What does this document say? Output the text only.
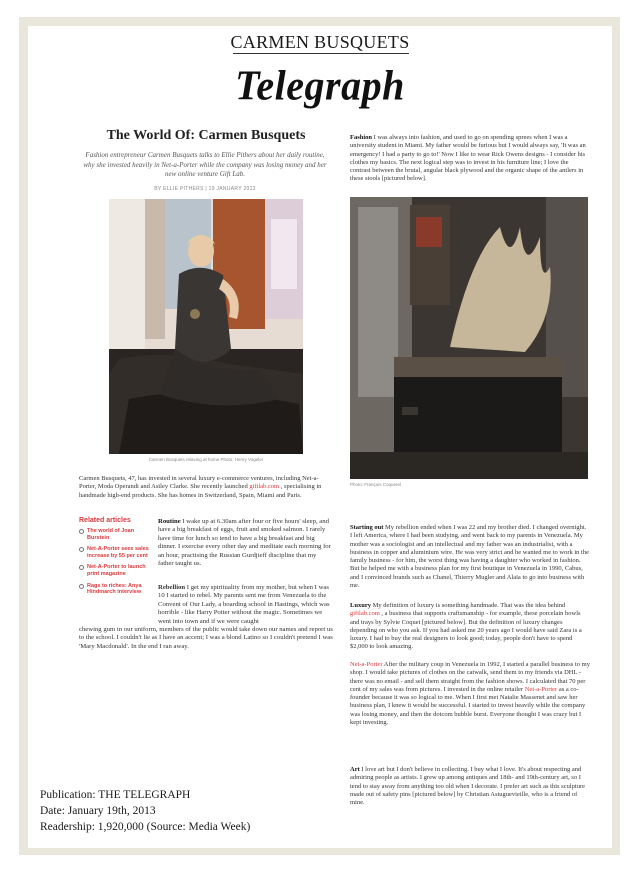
CARMEN BUSQUETS
Telegraph
The World Of: Carmen Busquets
Fashion entrepreneur Carmen Busquets talks to Ellie Pithers about her daily routine, why she invested heavily in Net-a-Porter while the company was losing money and her new online venture Gift Lab.
BY ELLIE PITHERS | 19 JANUARY 2013
Carmen Busquets relaxing at home Photo: Henry Vogeler
Carmen Busquets, 47, has invested in several luxury e-commerce ventures, including Net-a-Porter, Moda Operandi and Astley Clarke. She recently launched giftlab.com , specialising in handmade high-end products. She has homes in Switzerland, Spain, Miami and Paris.
Related articles
The world of Joan Burstein
Net-A-Porter sees sales increase by 55 per cent
Net-A-Porter to launch print magazine
Rags to riches: Anya Hindmarch interview
Routine I wake up at 6.30am after four or five hours' sleep, and have a big breakfast of eggs, fruit and smoked salmon. I rarely have time for lunch so tend to have a big breakfast and big dinner. I exercise every other day and meditate each morning for an hour, practising the Russian Gurdjieff discipline that my father taught us.
Rebellion I get my spirituality from my mother, but when I was 10 I started to rebel. My parents sent me from Venezuela to the Convent of Our Lady, a boarding school in Hastings, which was horrible - like Harry Potter without the magic. Sometimes we went into town and if we were caught
chewing gum in our uniform, members of the public would take down our names and report us to the school. I couldn't lie as I have an accent; I was a blond Latino so I couldn't pretend I was 'Mary Macdonald'. In the end I ran away.

Fashion I was always into fashion, and used to go on spending sprees when I was a university student in Miami. My father would be furious but I would always say, 'It was an emergency! I had a party to go to!' Now I like to wear Rick Owens designs - I consider his clothes my basics. The next logical step was to invest in his furniture line; I love the contrast between the brutal, angular black plywood and the organic shape of the antlers in these stools [pictured below].

Photo: François Coquerel

Starting out My rebellion ended when I was 22 and my brother died. I changed overnight. I left America, where I had been studying, and went back to my parents in Venezuela. My mother was a sociologist and an intellectual and my father was an industrialist, with a business in copper and aluminium wire. He was very strict and he wanted me to work in the family business - for him, the worst thing was having a daughter who worked in fashion. But he helped me with a business plan for my first boutique in Venezuela in 1990, Cabus, and I convinced brands such as Chanel, Thierry Mugler and Alaïa to go into business with me.

Luxury My definition of luxury is something handmade. That was the idea behind giftlab.com , a business that supports craftsmanship - for example, these porcelain bowls and trays by Sylvie Coquet [pictured below]. But the definition of luxury changes depending on who you ask. If you had asked me 20 years ago I would have said Zara is a luxury. I had to buy the real designers to look good; today, people don't have to spend $2,000 to look amazing.

Net-a-Porter After the military coup in Venezuela in 1992, I started a parallel business to my shop. I would take pictures of clothes on the catwalk, send them to my friends via DHL - there was no email - and sell them straight from the fashion shows. I calculated that 70 per cent of my sales was from pictures. I invested in the online retailer Net-a-Porter as a co-founder because it was so logical to me. When I first met Natalie Massenet and saw her business plan, I knew it would be successful. I started to invest heavily while the company was losing money, and then the dotcom bubble burst. Everyone thought I was crazy but I kept investing.

Art I love art but I don't believe in collecting. I buy what I love. It's about respecting and admiring people as artists. I grew up among antiques and 18th- and 19th-century art, so I tend to stay away from anything too old when I decorate. I prefer art such as this sculpture made out of safety pins [pictured below] by Christian Astuguevieille, who is a friend of mine.

Publication: THE TELEGRAPH
Date: January 19th, 2013
Readership: 1,920,000 (Source: Media Week)
